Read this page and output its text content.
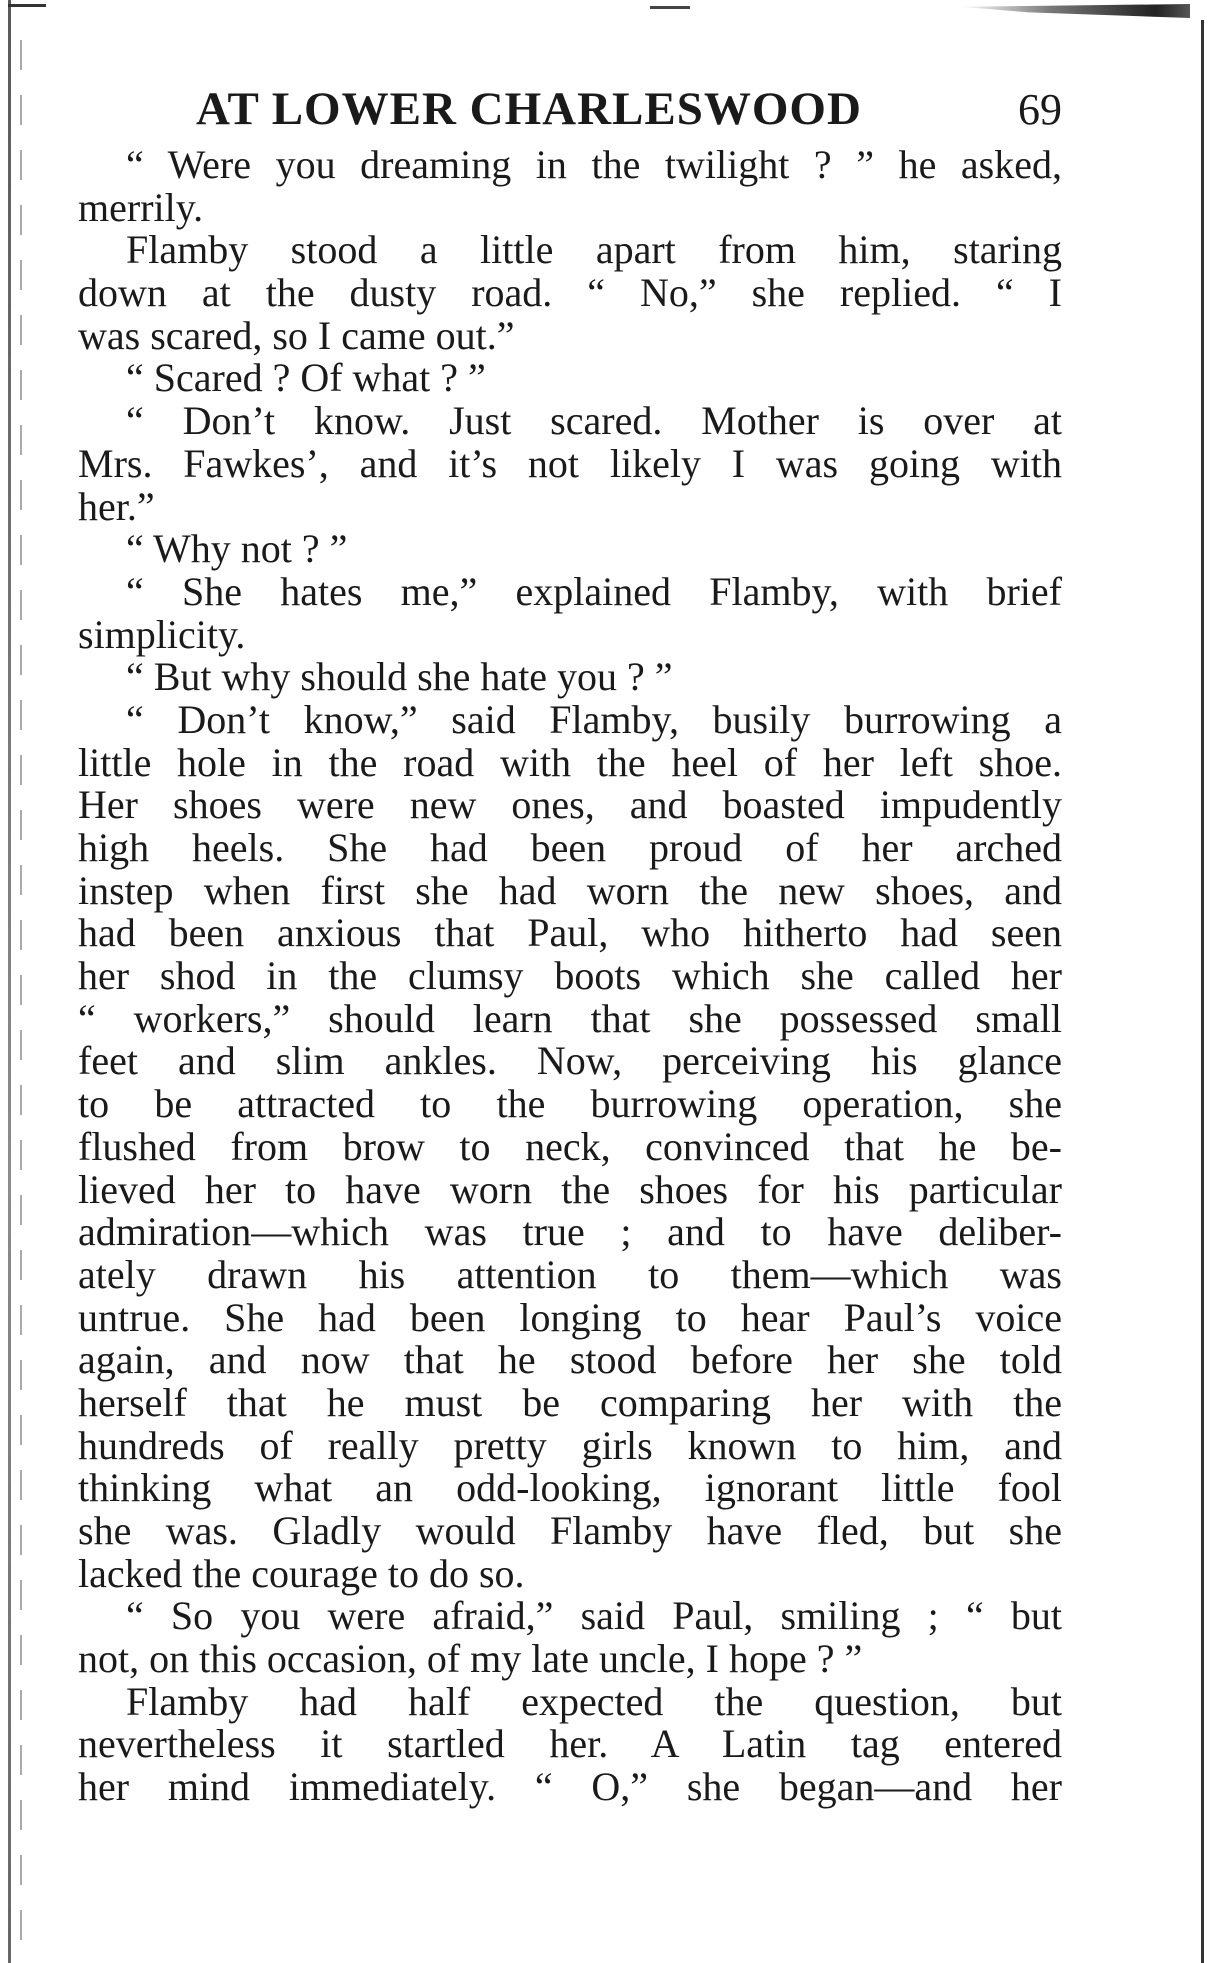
AT LOWER CHARLESWOOD	69
“ Were you dreaming in the twilight ? ” he asked,
merrily.
Flamby stood a little apart from him, staring
down at the dusty road. “ No,” she replied. “ I
was scared, so I came out.”
“ Scared ? Of what ? ”
“ Don’t know. Just scared. Mother is over at
Mrs. Fawkes’, and it’s not likely I was going with
her.”
“ Why not ? ”
“ She hates me,” explained Flamby, with brief
simplicity.
“ But why should she hate you ? ”
“ Don’t know,” said Flamby, busily burrowing a
little hole in the road with the heel of her left shoe.
Her shoes were new ones, and boasted impudently
high heels. She had been proud of her arched
instep when first she had worn the new shoes, and
had been anxious that Paul, who hitherto had seen
her shod in the clumsy boots which she called her
“ workers,” should learn that she possessed small
feet and slim ankles. Now, perceiving his glance
to be attracted to the burrowing operation, she
flushed from brow to neck, convinced that he be-
lieved her to have worn the shoes for his particular
admiration—which was true ; and to have deliber-
ately drawn his attention to them—which was
untrue. She had been longing to hear Paul’s voice
again, and now that he stood before her she told
herself that he must be comparing her with the
hundreds of really pretty girls known to him, and
thinking what an odd-looking, ignorant little fool
she was. Gladly would Flamby have fled, but she
lacked the courage to do so.
“ So you were afraid,” said Paul, smiling ; “ but
not, on this occasion, of my late uncle, I hope ? ”
Flamby had half expected the question, but
nevertheless it startled her. A Latin tag entered
her mind immediately. “ O,” she began—and her
